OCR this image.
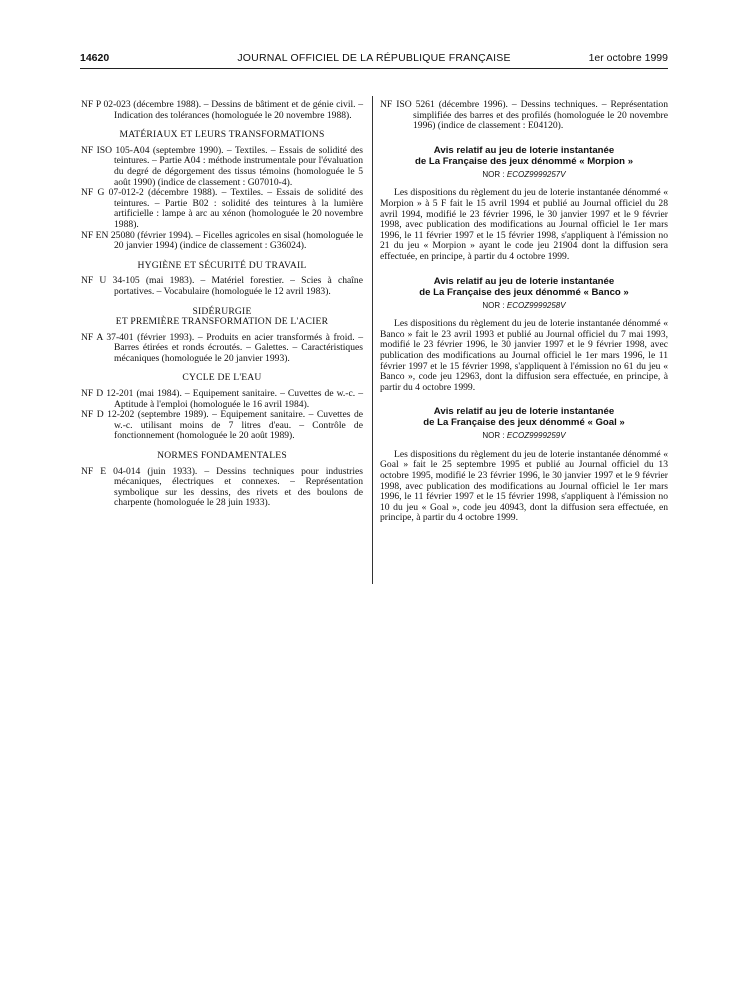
14620	JOURNAL OFFICIEL DE LA RÉPUBLIQUE FRANÇAISE	1er octobre 1999

NF P 02-023 (décembre 1988). – Dessins de bâtiment et de génie civil. – Indication des tolérances (homologuée le 20 novembre 1988).

MATÉRIAUX ET LEURS TRANSFORMATIONS

NF ISO 105-A04 (septembre 1990). – Textiles. – Essais de solidité des teintures. – Partie A04 : méthode instrumentale pour l'évaluation du degré de dégorgement des tissus témoins (homologuée le 5 août 1990) (indice de classement : G07010-4).

NF G 07-012-2 (décembre 1988). – Textiles. – Essais de solidité des teintures. – Partie B02 : solidité des teintures à la lumière artificielle : lampe à arc au xénon (homologuée le 20 novembre 1988).

NF EN 25080 (février 1994). – Ficelles agricoles en sisal (homologuée le 20 janvier 1994) (indice de classement : G36024).

HYGIÈNE ET SÉCURITÉ DU TRAVAIL

NF U 34-105 (mai 1983). – Matériel forestier. – Scies à chaîne portatives. – Vocabulaire (homologuée le 12 avril 1983).

SIDÉRURGIE
ET PREMIÈRE TRANSFORMATION DE L'ACIER

NF A 37-401 (février 1993). – Produits en acier transformés à froid. – Barres étirées et ronds écroutés. – Galettes. – Caractéristiques mécaniques (homologuée le 20 janvier 1993).

CYCLE DE L'EAU

NF D 12-201 (mai 1984). – Equipement sanitaire. – Cuvettes de w.-c. – Aptitude à l'emploi (homologuée le 16 avril 1984).

NF D 12-202 (septembre 1989). – Equipement sanitaire. – Cuvettes de w.-c. utilisant moins de 7 litres d'eau. – Contrôle de fonctionnement (homologuée le 20 août 1989).

NORMES FONDAMENTALES

NF E 04-014 (juin 1933). – Dessins techniques pour industries mécaniques, électriques et connexes. – Représentation symbolique sur les dessins, des rivets et des boulons de charpente (homologuée le 28 juin 1933).

NF ISO 5261 (décembre 1996). – Dessins techniques. – Représentation simplifiée des barres et des profilés (homologuée le 20 novembre 1996) (indice de classement : E04120).

Avis relatif au jeu de loterie instantanée
de La Française des jeux dénommé « Morpion »
NOR : ECOZ9999257V

Les dispositions du règlement du jeu de loterie instantanée dénommé « Morpion » à 5 F fait le 15 avril 1994 et publié au Journal officiel du 28 avril 1994, modifié le 23 février 1996, le 30 janvier 1997 et le 9 février 1998, avec publication des modifications au Journal officiel le 1er mars 1996, le 11 février 1997 et le 15 février 1998, s'appliquent à l'émission no 21 du jeu « Morpion » ayant le code jeu 21904 dont la diffusion sera effectuée, en principe, à partir du 4 octobre 1999.

Avis relatif au jeu de loterie instantanée
de La Française des jeux dénommé « Banco »
NOR : ECOZ9999258V

Les dispositions du règlement du jeu de loterie instantanée dénommé « Banco » fait le 23 avril 1993 et publié au Journal officiel du 7 mai 1993, modifié le 23 février 1996, le 30 janvier 1997 et le 9 février 1998, avec publication des modifications au Journal officiel le 1er mars 1996, le 11 février 1997 et le 15 février 1998, s'appliquent à l'émission no 61 du jeu « Banco », code jeu 12963, dont la diffusion sera effectuée, en principe, à partir du 4 octobre 1999.

Avis relatif au jeu de loterie instantanée
de La Française des jeux dénommé « Goal »
NOR : ECOZ9999259V

Les dispositions du règlement du jeu de loterie instantanée dénommé « Goal » fait le 25 septembre 1995 et publié au Journal officiel du 13 octobre 1995, modifié le 23 février 1996, le 30 janvier 1997 et le 9 février 1998, avec publication des modifications au Journal officiel le 1er mars 1996, le 11 février 1997 et le 15 février 1998, s'appliquent à l'émission no 10 du jeu « Goal », code jeu 40943, dont la diffusion sera effectuée, en principe, à partir du 4 octobre 1999.
